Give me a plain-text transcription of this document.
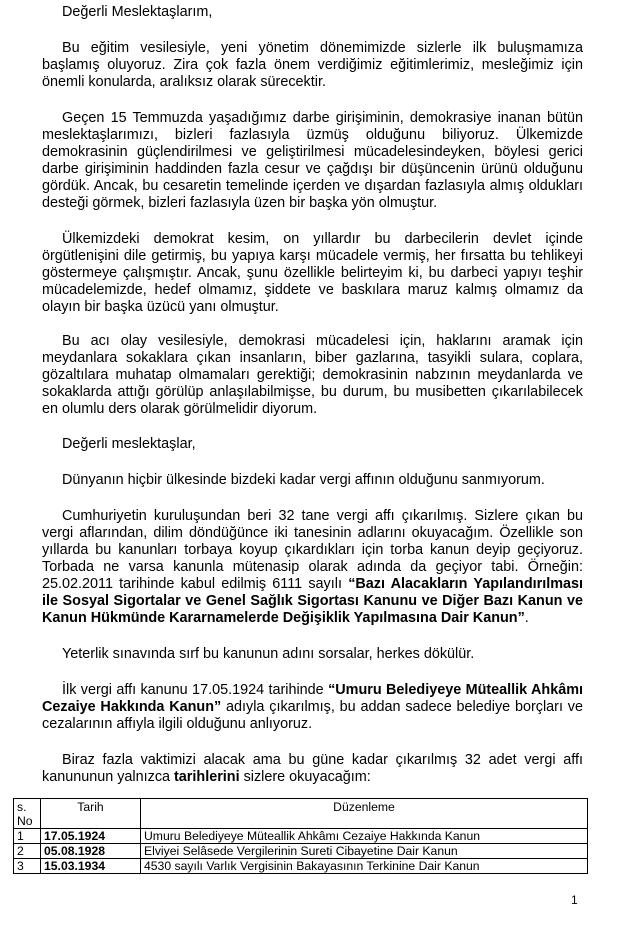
Değerli Meslektaşlarım,

Bu eğitim vesilesiyle, yeni yönetim dönemimizde sizlerle ilk buluşmamıza başlamış oluyoruz. Zira çok fazla önem verdiğimiz eğitimlerimiz, mesleğimiz için önemli konularda, aralıksız olarak sürecektir.

Geçen 15 Temmuzda yaşadığımız darbe girişiminin, demokrasiye inanan bütün meslektaşlarımızı, bizleri fazlasıyla üzmüş olduğunu biliyoruz. Ülkemizde demokrasinin güçlendirilmesi ve geliştirilmesi mücadelesindeyken, böylesi gerici darbe girişiminin haddinden fazla cesur ve çağdışı bir düşüncenin ürünü olduğunu gördük. Ancak, bu cesaretin temelinde içerden ve dışardan fazlasıyla almış oldukları desteği görmek, bizleri fazlasıyla üzen bir başka yön olmuştur.

Ülkemizdeki demokrat kesim, on yıllardır bu darbecilerin devlet içinde örgütlenişini dile getirmiş, bu yapıya karşı mücadele vermiş, her fırsatta bu tehlikeyi göstermeye çalışmıştır. Ancak, şunu özellikle belirteyim ki, bu darbeci yapıyı teşhir mücadelemizde, hedef olmamız, şiddete ve baskılara maruz kalmış olmamız da olayın bir başka üzücü yanı olmuştur.

Bu acı olay vesilesiyle, demokrasi mücadelesi için, haklarını aramak için meydanlara sokaklara çıkan insanların, biber gazlarına, tasyikli sulara, coplara, gözaltılara muhatap olmamaları gerektiği; demokrasinin nabzının meydanlarda ve sokaklarda attığı görülüp anlaşılabilmişse, bu durum, bu musibetten çıkarılabilecek en olumlu ders olarak görülmelidir diyorum.

Değerli meslektaşlar,

Dünyanın hiçbir ülkesinde bizdeki kadar vergi affının olduğunu sanmıyorum.

Cumhuriyetin kuruluşundan beri 32 tane vergi affı çıkarılmış. Sizlere çıkan bu vergi aflarından, dilim döndüğünce iki tanesinin adlarını okuyacağım. Özellikle son yıllarda bu kanunları torbaya koyup çıkardıkları için torba kanun deyip geçiyoruz. Torbada ne varsa kanunla mütenasip olarak adında da geçiyor tabi. Örneğin: 25.02.2011 tarihinde kabul edilmiş 6111 sayılı “Bazı Alacakların Yapılandırılması ile Sosyal Sigortalar ve Genel Sağlık Sigortası Kanunu ve Diğer Bazı Kanun ve Kanun Hükmünde Kararnamelerde Değişiklik Yapılmasına Dair Kanun”.

Yeterlik sınavında sırf bu kanunun adını sorsalar, herkes dökülür.

İlk vergi affı kanunu 17.05.1924 tarihinde “Umuru Belediyeye Müteallik Ahkâmı Cezaiye Hakkında Kanun” adıyla çıkarılmış, bu addan sadece belediye borçları ve cezalarının affıyla ilgili olduğunu anlıyoruz.

Biraz fazla vaktimizi alacak ama bu güne kadar çıkarılmış 32 adet vergi affı kanununun yalnızca tarihlerini sizlere okuyacağım:

s. No	Tarih	Düzenleme
1	17.05.1924	Umuru Belediyeye Müteallik Ahkâmı Cezaiye Hakkında Kanun
2	05.08.1928	Elviyei Selâsede Vergilerinin Sureti Cibayetine Dair Kanun
3	15.03.1934	4530 sayılı Varlık Vergisinin Bakayasının Terkinine Dair Kanun
1
